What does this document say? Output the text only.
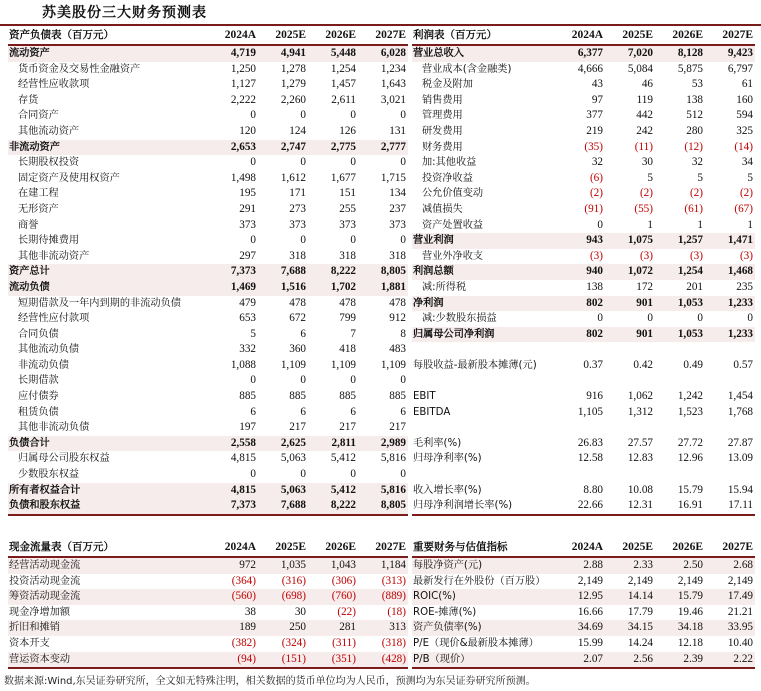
苏美股份三大财务预测表
资产负债表（百万元）	2024A	2025E	2026E	2027E
流动资产	4,719	4,941	5,448	6,028
货币资金及交易性金融资产	1,250	1,278	1,254	1,234
经营性应收款项	1,127	1,279	1,457	1,643
存货	2,222	2,260	2,611	3,021
合同资产	0	0	0	0
其他流动资产	120	124	126	131
非流动资产	2,653	2,747	2,775	2,777
长期股权投资	0	0	0	0
固定资产及使用权资产	1,498	1,612	1,677	1,715
在建工程	195	171	151	134
无形资产	291	273	255	237
商誉	373	373	373	373
长期待摊费用	0	0	0	0
其他非流动资产	297	318	318	318
资产总计	7,373	7,688	8,222	8,805
流动负债	1,469	1,516	1,702	1,881
短期借款及一年内到期的非流动负债	479	478	478	478
经营性应付款项	653	672	799	912
合同负债	5	6	7	8
其他流动负债	332	360	418	483
非流动负债	1,088	1,109	1,109	1,109
长期借款	0	0	0	0
应付债券	885	885	885	885
租赁负债	6	6	6	6
其他非流动负债	197	217	217	217
负债合计	2,558	2,625	2,811	2,989
归属母公司股东权益	4,815	5,063	5,412	5,816
少数股东权益	0	0	0	0
所有者权益合计	4,815	5,063	5,412	5,816
负债和股东权益	7,373	7,688	8,222	8,805
利润表（百万元）	2024A	2025E	2026E	2027E
营业总收入	6,377	7,020	8,128	9,423
营业成本(含金融类)	4,666	5,084	5,875	6,797
税金及附加	43	46	53	61
销售费用	97	119	138	160
管理费用	377	442	512	594
研发费用	219	242	280	325
财务费用	(35)	(11)	(12)	(14)
加:其他收益	32	30	32	34
投资净收益	(6)	5	5	5
公允价值变动	(2)	(2)	(2)	(2)
减值损失	(91)	(55)	(61)	(67)
资产处置收益	0	1	1	1
营业利润	943	1,075	1,257	1,471
营业外净收支	(3)	(3)	(3)	(3)
利润总额	940	1,072	1,254	1,468
减:所得税	138	172	201	235
净利润	802	901	1,053	1,233
减:少数股东损益	0	0	0	0
归属母公司净利润	802	901	1,053	1,233

每股收益-最新股本摊薄(元)	0.37	0.42	0.49	0.57

EBIT	916	1,062	1,242	1,454
EBITDA	1,105	1,312	1,523	1,768

毛利率(%)	26.83	27.57	27.72	27.87
归母净利率(%)	12.58	12.83	12.96	13.09

收入增长率(%)	8.80	10.08	15.79	15.94
归母净利润增长率(%)	22.66	12.31	16.91	17.11
现金流量表（百万元）	2024A	2025E	2026E	2027E
经营活动现金流	972	1,035	1,043	1,184
投资活动现金流	(364)	(316)	(306)	(313)
筹资活动现金流	(560)	(698)	(760)	(889)
现金净增加额	38	30	(22)	(18)
折旧和摊销	189	250	281	313
资本开支	(382)	(324)	(311)	(318)
营运资本变动	(94)	(151)	(351)	(428)
重要财务与估值指标	2024A	2025E	2026E	2027E
每股净资产(元)	2.88	2.33	2.50	2.68
最新发行在外股份（百万股）	2,149	2,149	2,149	2,149
ROIC(%)	12.95	14.14	15.79	17.49
ROE-摊薄(%)	16.66	17.79	19.46	21.21
资产负债率(%)	34.69	34.15	34.18	33.95
P/E（现价&最新股本摊薄）	15.99	14.24	12.18	10.40
P/B（现价）	2.07	2.56	2.39	2.22
数据来源:Wind,东吴证券研究所，全文如无特殊注明，相关数据的货币单位均为人民币，预测均为东吴证券研究所预测。
